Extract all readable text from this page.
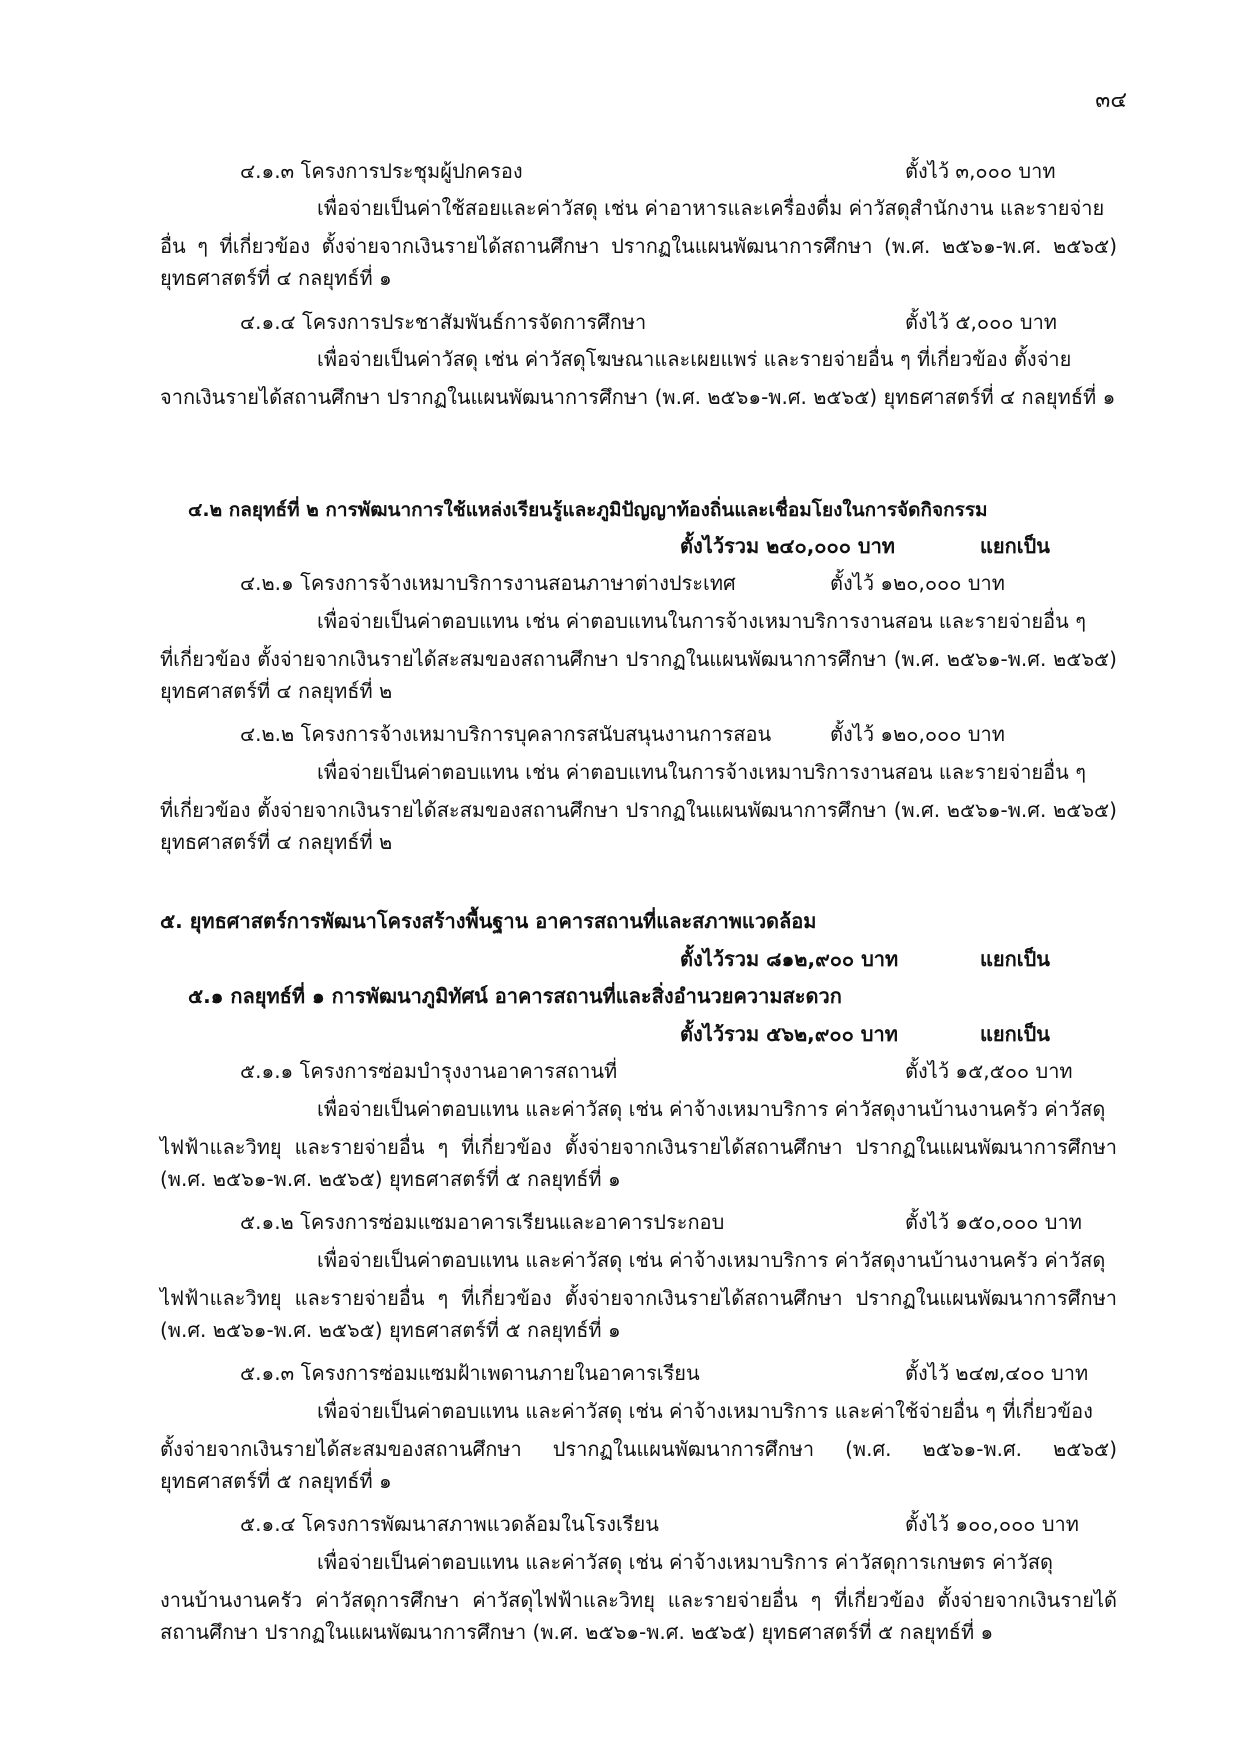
๓๔
๔.๑.๓ โครงการประชุมผู้ปกครอง	ตั้งไว้ ๓,๐๐๐ บาท
เพื่อจ่ายเป็นค่าใช้สอยและค่าวัสดุ เช่น ค่าอาหารและเครื่องดื่ม ค่าวัสดุสำนักงาน และรายจ่าย
อื่น ๆ ที่เกี่ยวข้อง ตั้งจ่ายจากเงินรายได้สถานศึกษา ปรากฏในแผนพัฒนาการศึกษา (พ.ศ. ๒๕๖๑-พ.ศ. ๒๕๖๕) ยุทธศาสตร์ที่ ๔ กลยุทธ์ที่ ๑
๔.๑.๔ โครงการประชาสัมพันธ์การจัดการศึกษา	ตั้งไว้ ๕,๐๐๐ บาท
เพื่อจ่ายเป็นค่าวัสดุ เช่น ค่าวัสดุโฆษณาและเผยแพร่ และรายจ่ายอื่น ๆ ที่เกี่ยวข้อง ตั้งจ่าย
จากเงินรายได้สถานศึกษา ปรากฏในแผนพัฒนาการศึกษา (พ.ศ. ๒๕๖๑-พ.ศ. ๒๕๖๕) ยุทธศาสตร์ที่ ๔ กลยุทธ์ที่ ๑
๔.๒ กลยุทธ์ที่ ๒ การพัฒนาการใช้แหล่งเรียนรู้และภูมิปัญญาท้องถิ่นและเชื่อมโยงในการจัดกิจกรรม
ตั้งไว้รวม ๒๔๐,๐๐๐ บาท	แยกเป็น
๔.๒.๑ โครงการจ้างเหมาบริการงานสอนภาษาต่างประเทศ	ตั้งไว้ ๑๒๐,๐๐๐ บาท
เพื่อจ่ายเป็นค่าตอบแทน เช่น ค่าตอบแทนในการจ้างเหมาบริการงานสอน และรายจ่ายอื่น ๆ
ที่เกี่ยวข้อง ตั้งจ่ายจากเงินรายได้สะสมของสถานศึกษา ปรากฏในแผนพัฒนาการศึกษา (พ.ศ. ๒๕๖๑-พ.ศ. ๒๕๖๕) ยุทธศาสตร์ที่ ๔ กลยุทธ์ที่ ๒
๔.๒.๒ โครงการจ้างเหมาบริการบุคลากรสนับสนุนงานการสอน	ตั้งไว้ ๑๒๐,๐๐๐ บาท
เพื่อจ่ายเป็นค่าตอบแทน เช่น ค่าตอบแทนในการจ้างเหมาบริการงานสอน และรายจ่ายอื่น ๆ
ที่เกี่ยวข้อง ตั้งจ่ายจากเงินรายได้สะสมของสถานศึกษา ปรากฏในแผนพัฒนาการศึกษา (พ.ศ. ๒๕๖๑-พ.ศ. ๒๕๖๕) ยุทธศาสตร์ที่ ๔ กลยุทธ์ที่ ๒
๕. ยุทธศาสตร์การพัฒนาโครงสร้างพื้นฐาน อาคารสถานที่และสภาพแวดล้อม
ตั้งไว้รวม ๘๑๒,๙๐๐ บาท	แยกเป็น
๕.๑ กลยุทธ์ที่ ๑ การพัฒนาภูมิทัศน์ อาคารสถานที่และสิ่งอำนวยความสะดวก
ตั้งไว้รวม ๕๖๒,๙๐๐ บาท	แยกเป็น
๕.๑.๑ โครงการซ่อมบำรุงงานอาคารสถานที่	ตั้งไว้ ๑๕,๕๐๐ บาท
เพื่อจ่ายเป็นค่าตอบแทน และค่าวัสดุ เช่น ค่าจ้างเหมาบริการ ค่าวัสดุงานบ้านงานครัว ค่าวัสดุ
ไฟฟ้าและวิทยุ และรายจ่ายอื่น ๆ ที่เกี่ยวข้อง ตั้งจ่ายจากเงินรายได้สถานศึกษา ปรากฏในแผนพัฒนาการศึกษา (พ.ศ. ๒๕๖๑-พ.ศ. ๒๕๖๕) ยุทธศาสตร์ที่ ๕ กลยุทธ์ที่ ๑
๕.๑.๒ โครงการซ่อมแซมอาคารเรียนและอาคารประกอบ	ตั้งไว้ ๑๕๐,๐๐๐ บาท
เพื่อจ่ายเป็นค่าตอบแทน และค่าวัสดุ เช่น ค่าจ้างเหมาบริการ ค่าวัสดุงานบ้านงานครัว ค่าวัสดุ
ไฟฟ้าและวิทยุ และรายจ่ายอื่น ๆ ที่เกี่ยวข้อง ตั้งจ่ายจากเงินรายได้สถานศึกษา ปรากฏในแผนพัฒนาการศึกษา (พ.ศ. ๒๕๖๑-พ.ศ. ๒๕๖๕) ยุทธศาสตร์ที่ ๕ กลยุทธ์ที่ ๑
๕.๑.๓ โครงการซ่อมแซมฝ้าเพดานภายในอาคารเรียน	ตั้งไว้ ๒๔๗,๔๐๐ บาท
เพื่อจ่ายเป็นค่าตอบแทน และค่าวัสดุ เช่น ค่าจ้างเหมาบริการ และค่าใช้จ่ายอื่น ๆ ที่เกี่ยวข้อง
ตั้งจ่ายจากเงินรายได้สะสมของสถานศึกษา ปรากฏในแผนพัฒนาการศึกษา (พ.ศ. ๒๕๖๑-พ.ศ. ๒๕๖๕) ยุทธศาสตร์ที่ ๕ กลยุทธ์ที่ ๑
๕.๑.๔ โครงการพัฒนาสภาพแวดล้อมในโรงเรียน	ตั้งไว้ ๑๐๐,๐๐๐ บาท
เพื่อจ่ายเป็นค่าตอบแทน และค่าวัสดุ เช่น ค่าจ้างเหมาบริการ ค่าวัสดุการเกษตร ค่าวัสดุ
งานบ้านงานครัว ค่าวัสดุการศึกษา ค่าวัสดุไฟฟ้าและวิทยุ และรายจ่ายอื่น ๆ ที่เกี่ยวข้อง ตั้งจ่ายจากเงินรายได้ สถานศึกษา ปรากฏในแผนพัฒนาการศึกษา (พ.ศ. ๒๕๖๑-พ.ศ. ๒๕๖๕) ยุทธศาสตร์ที่ ๕ กลยุทธ์ที่ ๑
